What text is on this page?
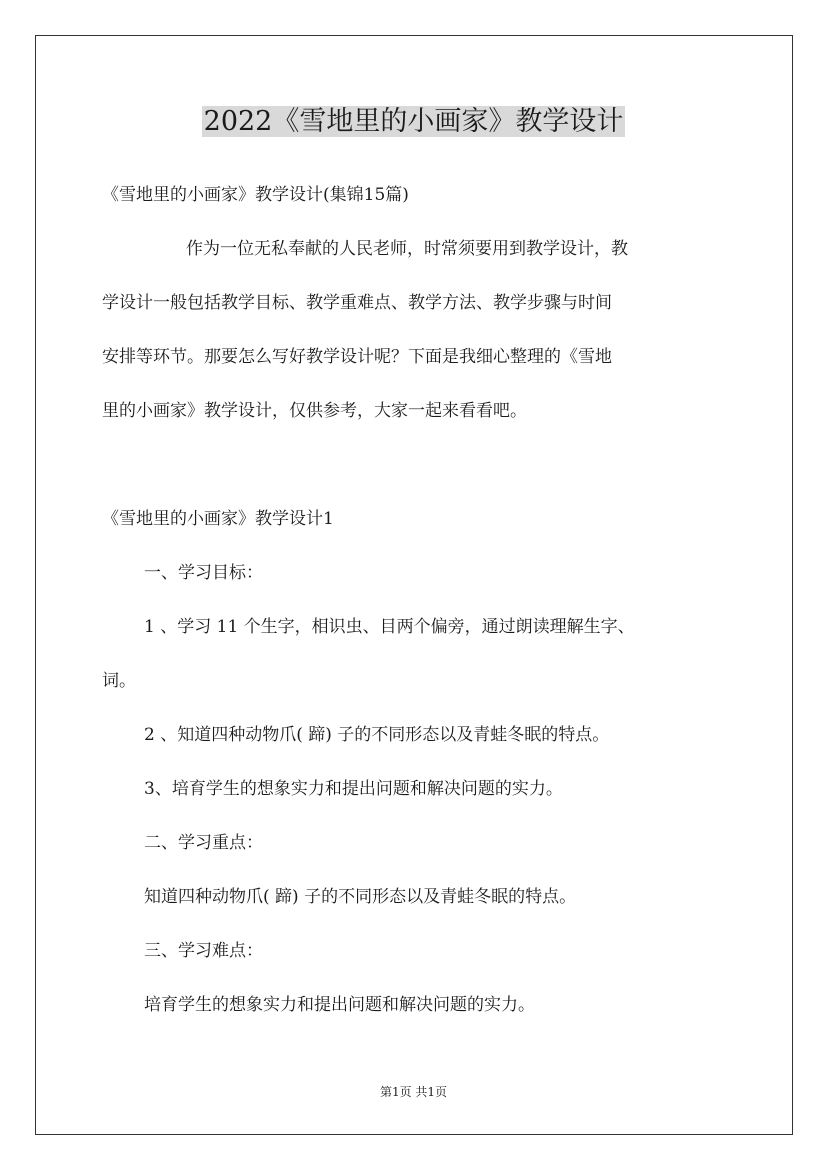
2022《雪地里的小画家》教学设计
《雪地里的小画家》教学设计(集锦15篇)
作为一位无私奉献的人民老师，时常须要用到教学设计，教
学设计一般包括教学目标、教学重难点、教学方法、教学步骤与时间
安排等环节。那要怎么写好教学设计呢？下面是我细心整理的《雪地
里的小画家》教学设计，仅供参考，大家一起来看看吧。
《雪地里的小画家》教学设计1
一、学习目标：
1 、学习 11 个生字，相识虫、目两个偏旁，通过朗读理解生字、
词。
2 、知道四种动物爪( 蹄) 子的不同形态以及青蛙冬眠的特点。
3、培育学生的想象实力和提出问题和解决问题的实力。
二、学习重点：
知道四种动物爪( 蹄) 子的不同形态以及青蛙冬眠的特点。
三、学习难点：
培育学生的想象实力和提出问题和解决问题的实力。
第1页 共1页
